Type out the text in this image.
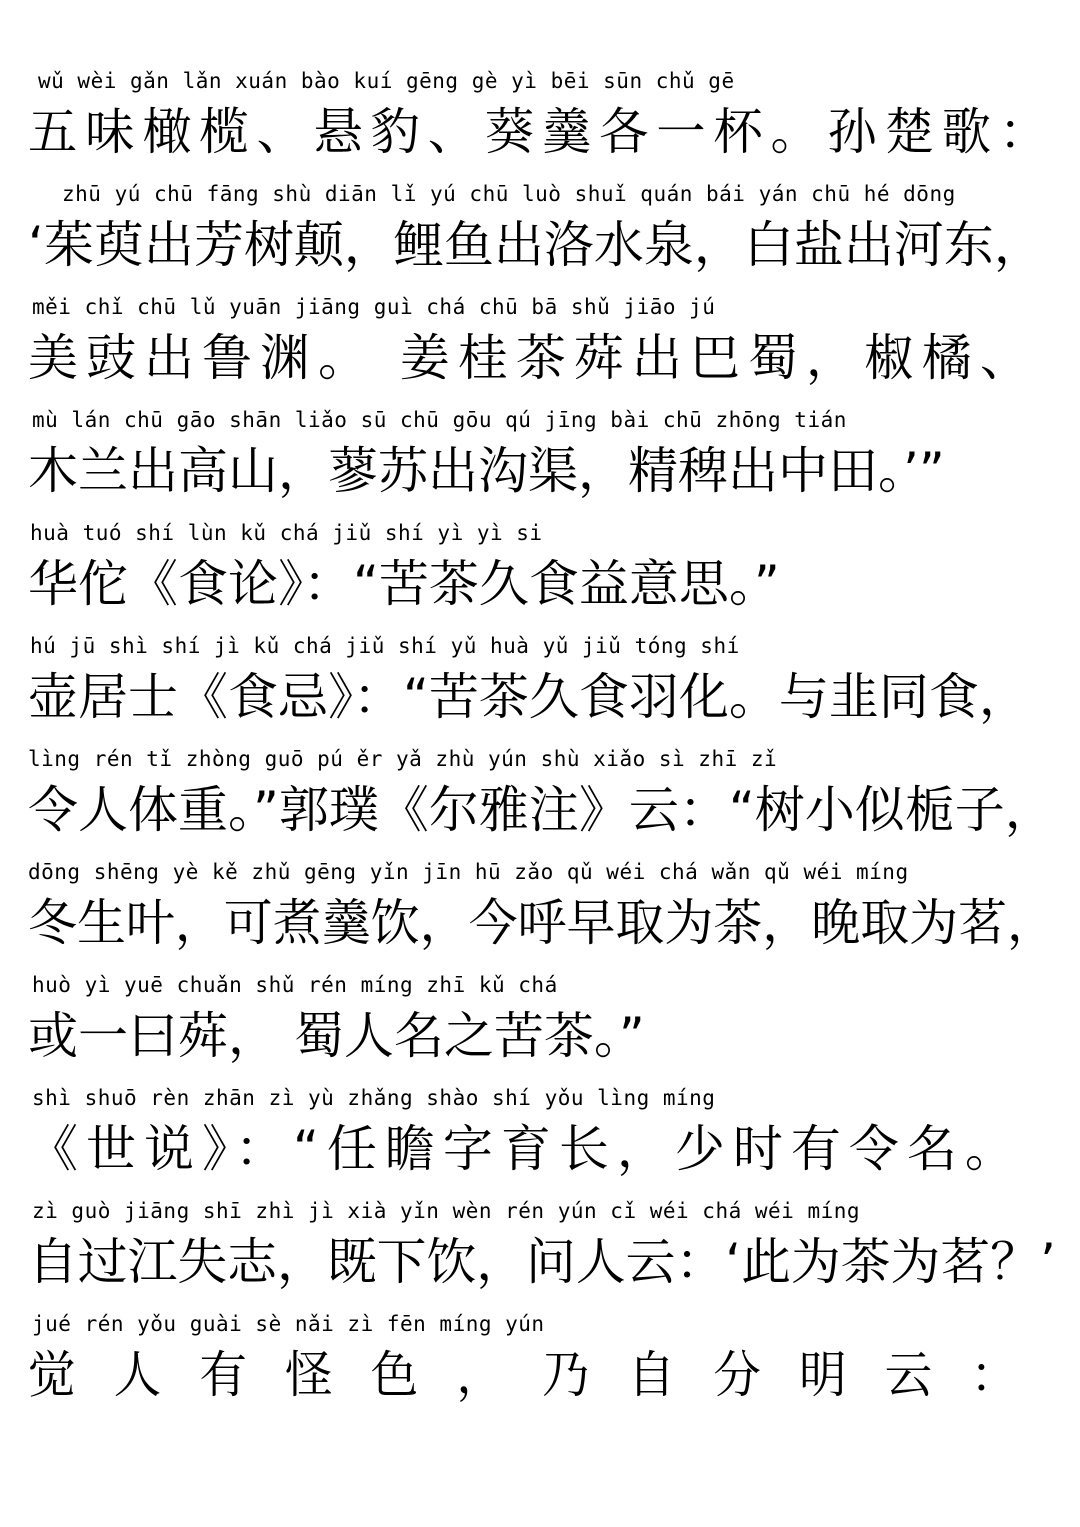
wǔ wèi gǎn lǎn xuán bào kuí gēng gè yì bēi sūn chǔ gē
五味橄榄、悬豹、葵羹各一杯。孙楚歌：
zhū yú chū fāng shù diān lǐ yú chū luò shuǐ quán bái yán chū hé dōng
‘茱萸出芳树颠，鲤鱼出洛水泉，白盐出河东，
měi chǐ chū lǔ yuān jiāng guì chá chū bā shǔ jiāo jú
美豉出鲁渊。 姜桂茶荈出巴蜀，椒橘、
mù lán chū gāo shān liǎo sū chū gōu qú jīng bài chū zhōng tián
木兰出高山，蓼苏出沟渠，精稗出中田。’”
huà tuó shí lùn kǔ chá jiǔ shí yì yì si
华佗《食论》：“苦茶久食益意思。”
hú jū shì shí jì kǔ chá jiǔ shí yǔ huà yǔ jiǔ tóng shí
壶居士《食忌》：“苦茶久食羽化。与韭同食，
lìng rén tǐ zhòng guō pú ěr yǎ zhù yún shù xiǎo sì zhī zǐ
令人体重。”郭璞《尔雅注》云：“树小似栀子，
dōng shēng yè kě zhǔ gēng yǐn jīn hū zǎo qǔ wéi chá wǎn qǔ wéi míng
冬生叶，可煮羹饮，今呼早取为茶，晚取为茗，
huò yì yuē chuǎn shǔ rén míng zhī kǔ chá
或一曰荈， 蜀人名之苦茶。”
shì shuō rèn zhān zì yù zhǎng shào shí yǒu lìng míng
《世说》：“任瞻字育长，少时有令名。
zì guò jiāng shī zhì jì xià yǐn wèn rén yún cǐ wéi chá wéi míng
自过江失志，既下饮，问人云：‘此为茶为茗？’
jué rén yǒu guài sè nǎi zì fēn míng yún
觉人有怪色，乃自分明云：
